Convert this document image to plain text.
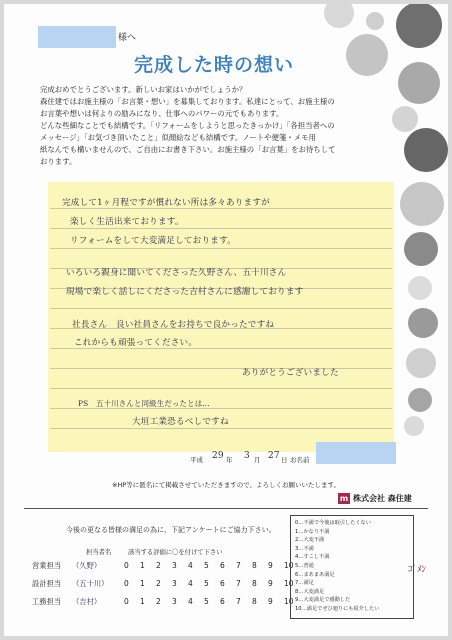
様へ
完成した時の想い

完成おめでとうございます。新しいお家はいかがでしょうか？

森住建ではお施主様の「お言葉・想い」を募集しております。私達にとって、お施主様の

お言葉や想いは何よりの励みになり、仕事へのパワーの元でもあります。

どんな些細なことでも結構です。「リフォームをしようと思ったきっかけ」「各担当者への

メッセージ」「お気づき頂いたこと」似顔絵なども結構です。ノートや便箋・メモ用

紙なんでも構いませんので、ご自由にお書き下さい。お施主様の「お言葉」をお待ちして

おります。

完成して1ヶ月程ですが慣れない所は多々ありますが
楽しく生活出来ております。
リフォームをして大変満足しております。
いろいろ親身に聞いてくださった久野さん、五十川さん
現場で楽しく話しにくださった吉村さんに感謝しております
社長さん　良い社員さんをお持ちで良かったですね
これからも頑張ってください。
ありがとうございました
PS　五十川さんと同級生だったとは…
大垣工業恐るべしですね
平成 29 年 3 月 27 日 お名前

※HP等に匿名にて掲載させていただきますので、よろしくお願いいたします。

m 株式会社 森住建

今後の更なる皆様の満足の為に、下記アンケートにご協力下さい。

担当者名	該当する評価に〇を付けて下さい
営業担当 （久野）	0 1 2 3 4 5 6 7 8 9 10
設計担当 （五十川） 0 1 2 3 4 5 6 7 8 9 10
工務担当 （吉村）	0 1 2 3 4 5 6 7 8 9 10
0…不満で今後は取引したくない
1…かなり不満
2…大変不満
3…不満
4…すこし不満
5…普通
6…まあまあ満足
7…満足
8…大変満足
9…大変満足で感動した
10…満足でぜひ廻りにも紹介したい
ｺﾞﾒﾝ
